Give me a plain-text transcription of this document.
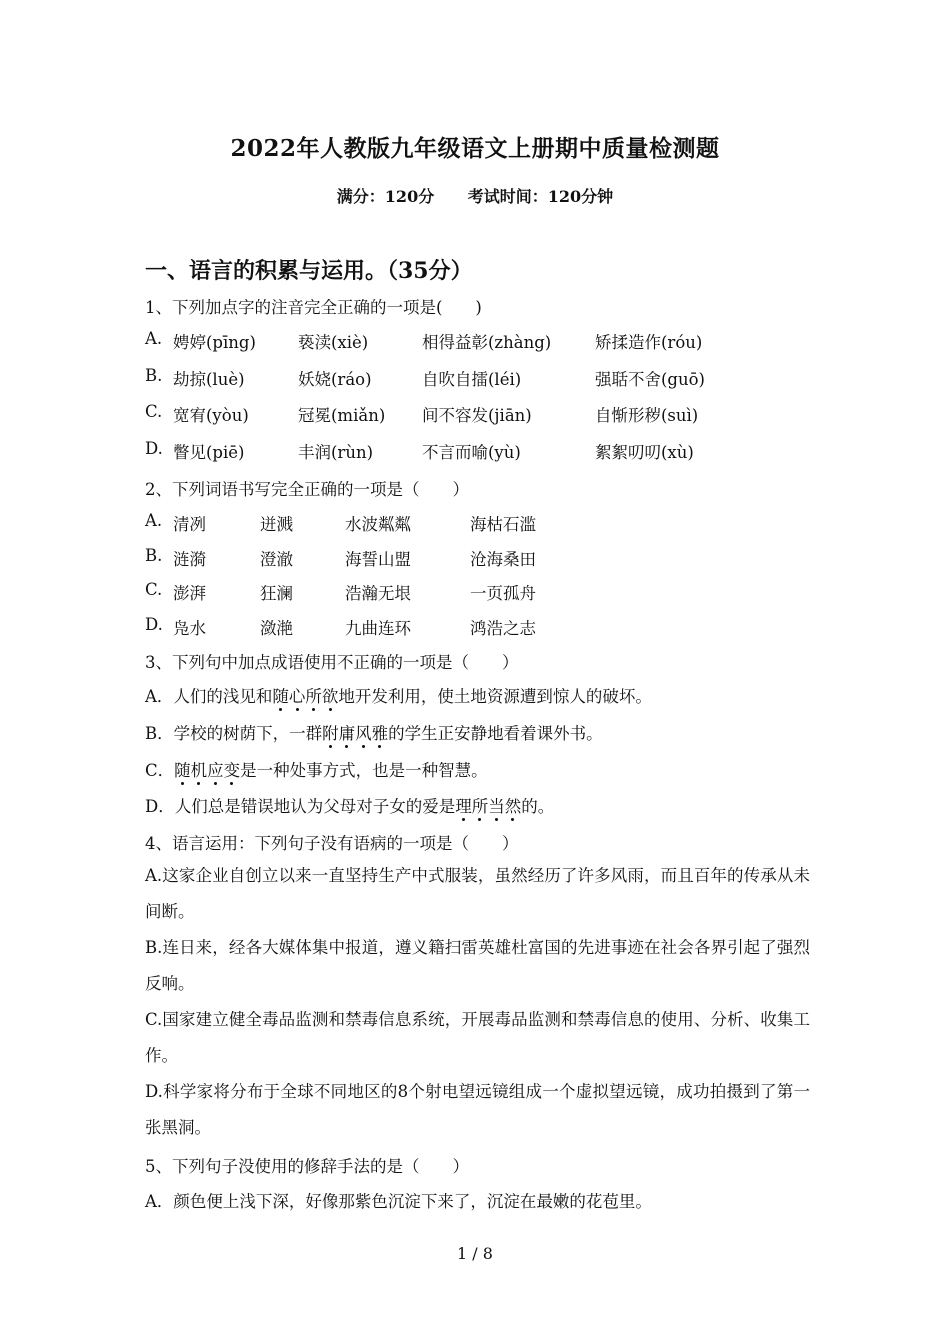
2022年人教版九年级语文上册期中质量检测题
满分：120分 考试时间：120分钟
一、语言的积累与运用。（35分）
1、下列加点字的注音完全正确的一项是(　　)
A. 娉婷(pīng)	亵渎(xiè)	相得益彰(zhàng)	矫揉造作(róu)
B. 劫掠(luè)	妖娆(ráo)	自吹自擂(léi)	强聒不舍(guō)
C. 宽宥(yòu)	冠冕(miǎn) 间不容发(jiān)	自惭形秽(suì)
D. 瞥见(piē)	丰润(rùn)	不言而喻(yù)	絮絮叨叨(xù)
2、下列词语书写完全正确的一项是（　　）
A. 清冽	迸溅	水波粼粼	海枯石滥
B. 涟漪	澄澈	海誓山盟	沧海桑田
C. 澎湃	狂澜	浩瀚无垠	一页孤舟
D. 凫水	潋滟	九曲连环	鸿浩之志
3、下列句中加点成语使用不正确的一项是（　　）
A．人们的浅见和随心所欲地开发利用，使土地资源遭到惊人的破坏。
B．学校的树荫下，一群附庸风雅的学生正安静地看着课外书。
C．随机应变是一种处事方式，也是一种智慧。
D．人们总是错误地认为父母对子女的爱是理所当然的。
4、语言运用：下列句子没有语病的一项是（　　）
A.这家企业自创立以来一直坚持生产中式服装，虽然经历了许多风雨，而且百年的传承从未间断。
B.连日来，经各大媒体集中报道，遵义籍扫雷英雄杜富国的先进事迹在社会各界引起了强烈反响。
C.国家建立健全毒品监测和禁毒信息系统，开展毒品监测和禁毒信息的使用、分析、收集工作。
D.科学家将分布于全球不同地区的8个射电望远镜组成一个虚拟望远镜，成功拍摄到了第一张黑洞。
5、下列句子没使用的修辞手法的是（　　）
A．颜色便上浅下深，好像那紫色沉淀下来了，沉淀在最嫩的花苞里。
1 / 8
